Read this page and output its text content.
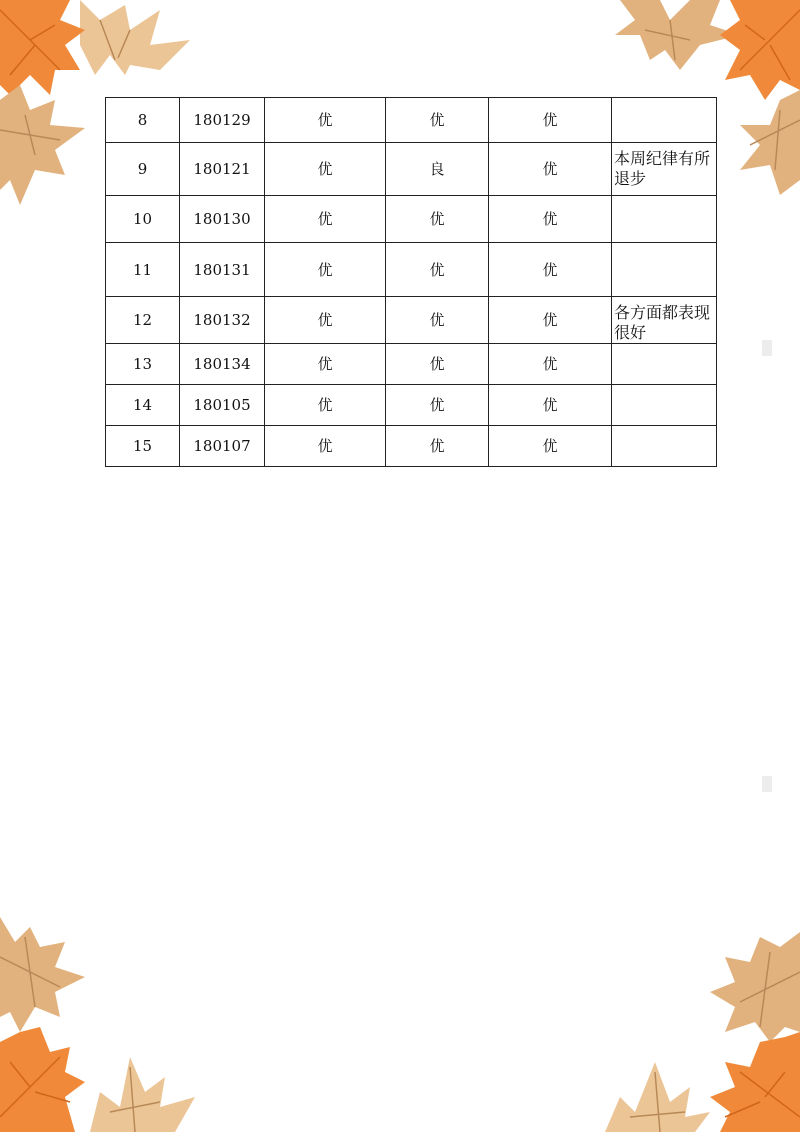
8	180129	优	优	优	
9	180121	优	良	优	本周纪律有所退步
10	180130	优	优	优	
11	180131	优	优	优	
12	180132	优	优	优	各方面都表现很好
13	180134	优	优	优	
14	180105	优	优	优	
15	180107	优	优	优	
